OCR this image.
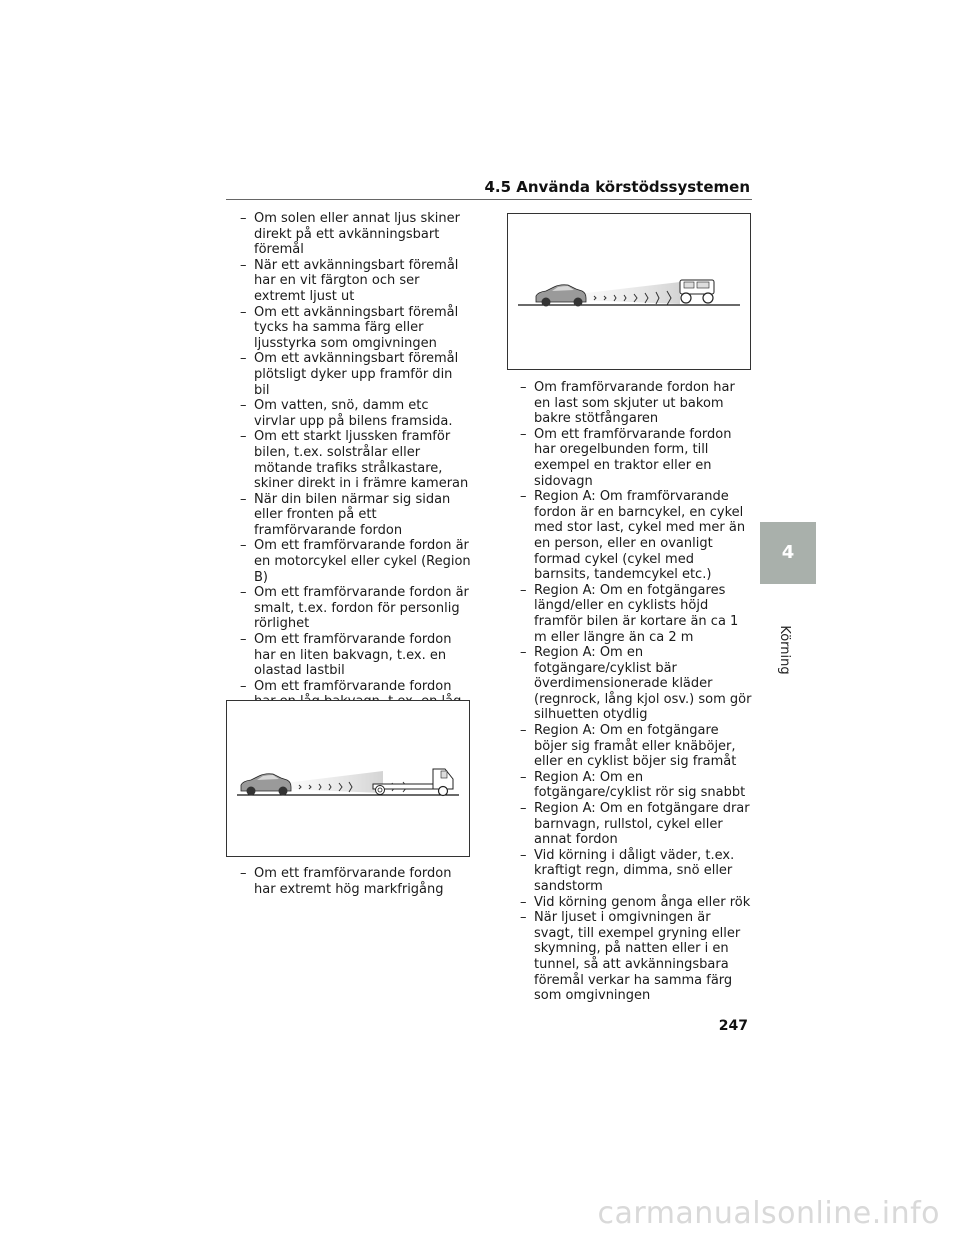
4.5 Använda körstödssystemen

– Om solen eller annat ljus skiner direkt på ett avkänningsbart föremål

– När ett avkänningsbart föremål har en vit färgton och ser extremt ljust ut

– Om ett avkänningsbart föremål tycks ha samma färg eller ljusstyrka som omgivningen

– Om ett avkänningsbart föremål plötsligt dyker upp framför din bil

– Om vatten, snö, damm etc virvlar upp på bilens framsida.

– Om ett starkt ljussken framför bilen, t.ex. solstrålar eller mötande trafiks strålkastare, skiner direkt in i främre kameran

– När din bilen närmar sig sidan eller fronten på ett framförvarande fordon

– Om ett framförvarande fordon är en motorcykel eller cykel (Region B)

– Om ett framförvarande fordon är smalt, t.ex. fordon för personlig rörlighet

– Om ett framförvarande fordon har en liten bakvagn, t.ex. en olastad lastbil

– Om ett framförvarande fordon

– Om ett framförvarande fordon har extremt hög markfrigång

– Om framförvarande fordon har en last som skjuter ut bakom bakre stötfångaren

– Om ett framförvarande fordon har oregelbunden form, till exempel en traktor eller en sidovagn

– Region A: Om framförvarande fordon är en barncykel, en cykel med stor last, cykel med mer än en person, eller en ovanligt formad cykel (cykel med barnsits, tandemcykel etc.)

– Region A: Om en fotgängares längd/eller en cyklists höjd framför bilen är kortare än ca 1 m eller längre än ca 2 m

– Region A: Om en fotgängare/cyklist bär överdimensionerade kläder (regnrock, lång kjol osv.) som gör silhuetten otydlig

– Region A: Om en fotgängare böjer sig framåt eller knäböjer, eller en cyklist böjer sig framåt

– Region A: Om en fotgängare/cyklist rör sig snabbt

– Region A: Om en fotgängare drar barnvagn, rullstol, cykel eller annat fordon

– Vid körning i dåligt väder, t.ex. kraftigt regn, dimma, snö eller sandstorm

– Vid körning genom ånga eller rök

– När ljuset i omgivningen är svagt, till exempel gryning eller skymning, på natten eller i en tunnel, så att avkänningsbara föremål verkar ha samma färg som omgivningen

4
Körning
247
carmanualsonline.info
